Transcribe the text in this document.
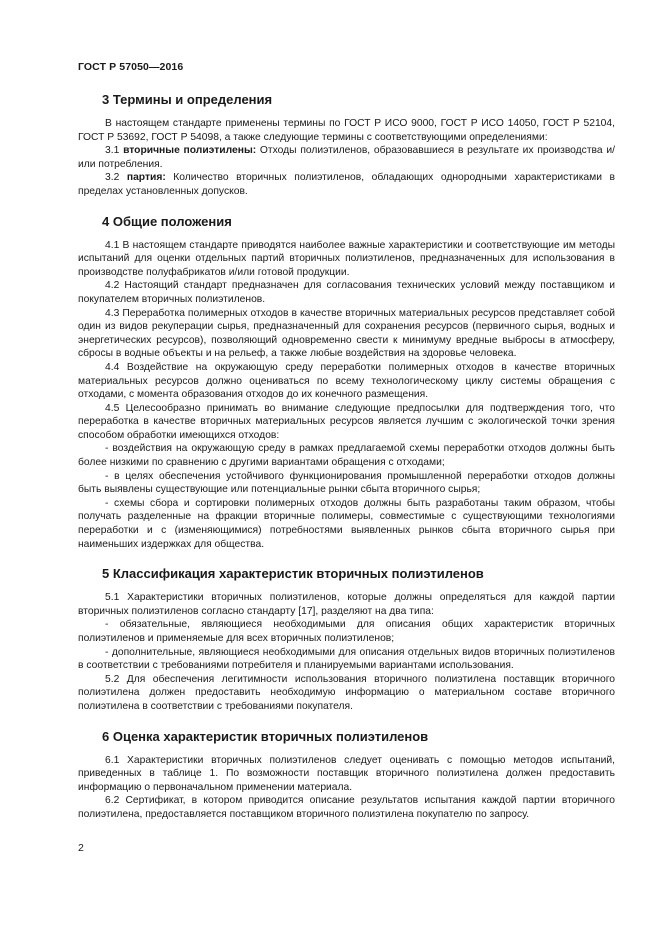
ГОСТ Р 57050—2016
3 Термины и определения

В настоящем стандарте применены термины по ГОСТ Р ИСО 9000, ГОСТ Р ИСО 14050, ГОСТ Р 52104, ГОСТ Р 53692, ГОСТ Р 54098, а также следующие термины с соответствующими определениями:

3.1 вторичные полиэтилены: Отходы полиэтиленов, образовавшиеся в результате их производства и/или потребления.

3.2 партия: Количество вторичных полиэтиленов, обладающих однородными характеристиками в пределах установленных допусков.

4 Общие положения

4.1 В настоящем стандарте приводятся наиболее важные характеристики и соответствующие им методы испытаний для оценки отдельных партий вторичных полиэтиленов, предназначенных для использования в производстве полуфабрикатов и/или готовой продукции.

4.2 Настоящий стандарт предназначен для согласования технических условий между поставщиком и покупателем вторичных полиэтиленов.

4.3 Переработка полимерных отходов в качестве вторичных материальных ресурсов представляет собой один из видов рекуперации сырья, предназначенный для сохранения ресурсов (первичного сырья, водных и энергетических ресурсов), позволяющий одновременно свести к минимуму вредные выбросы в атмосферу, сбросы в водные объекты и на рельеф, а также любые воздействия на здоровье человека.

4.4 Воздействие на окружающую среду переработки полимерных отходов в качестве вторичных материальных ресурсов должно оцениваться по всему технологическому циклу системы обращения с отходами, с момента образования отходов до их конечного размещения.

4.5 Целесообразно принимать во внимание следующие предпосылки для подтверждения того, что переработка в качестве вторичных материальных ресурсов является лучшим с экологической точки зрения способом обработки имеющихся отходов:

- воздействия на окружающую среду в рамках предлагаемой схемы переработки отходов должны быть более низкими по сравнению с другими вариантами обращения с отходами;

- в целях обеспечения устойчивого функционирования промышленной переработки отходов должны быть выявлены существующие или потенциальные рынки сбыта вторичного сырья;

- схемы сбора и сортировки полимерных отходов должны быть разработаны таким образом, чтобы получать разделенные на фракции вторичные полимеры, совместимые с существующими технологиями переработки и с (изменяющимися) потребностями выявленных рынков сбыта вторичного сырья при наименьших издержках для общества.

5 Классификация характеристик вторичных полиэтиленов

5.1 Характеристики вторичных полиэтиленов, которые должны определяться для каждой партии вторичных полиэтиленов согласно стандарту [17], разделяют на два типа:

- обязательные, являющиеся необходимыми для описания общих характеристик вторичных полиэтиленов и применяемые для всех вторичных полиэтиленов;

- дополнительные, являющиеся необходимыми для описания отдельных видов вторичных полиэтиленов в соответствии с требованиями потребителя и планируемыми вариантами использования.

5.2 Для обеспечения легитимности использования вторичного полиэтилена поставщик вторичного полиэтилена должен предоставить необходимую информацию о материальном составе вторичного полиэтилена в соответствии с требованиями покупателя.

6 Оценка характеристик вторичных полиэтиленов

6.1 Характеристики вторичных полиэтиленов следует оценивать с помощью методов испытаний, приведенных в таблице 1. По возможности поставщик вторичного полиэтилена должен предоставить информацию о первоначальном применении материала.

6.2 Сертификат, в котором приводится описание результатов испытания каждой партии вторичного полиэтилена, предоставляется поставщиком вторичного полиэтилена покупателю по запросу.

2
